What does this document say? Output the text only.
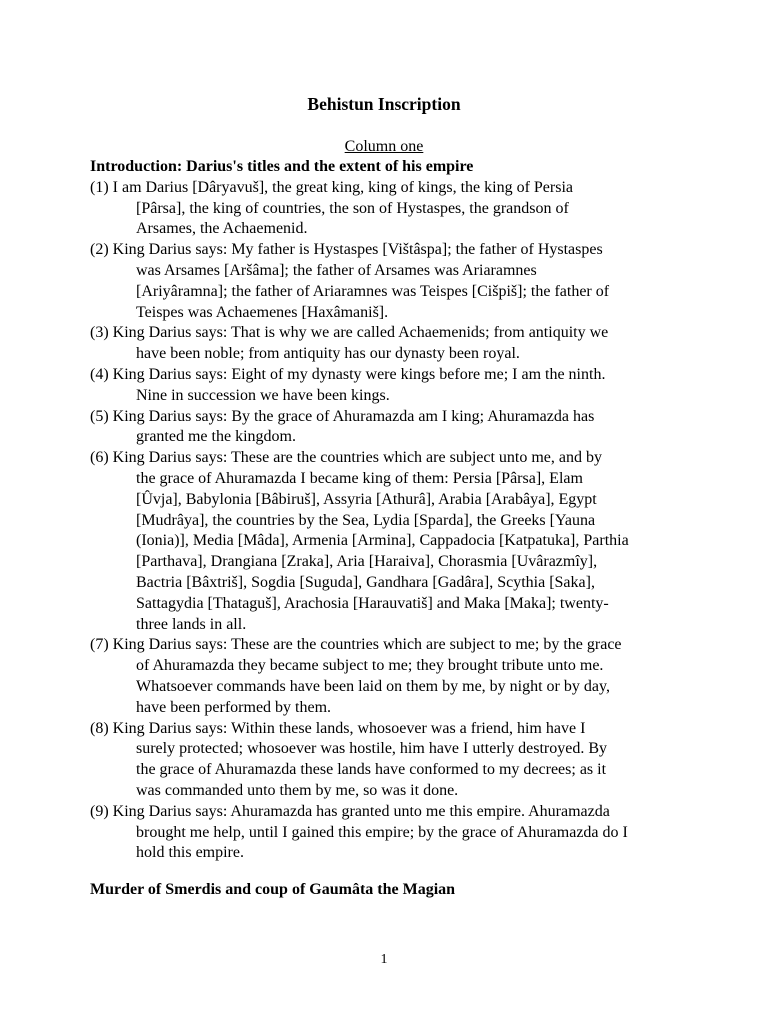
Behistun Inscription
Column one

Introduction: Darius's titles and the extent of his empire

(1) I am Darius [Dâryavuš], the great king, king of kings, the king of Persia
[Pârsa], the king of countries, the son of Hystaspes, the grandson of
Arsames, the Achaemenid.

(2) King Darius says: My father is Hystaspes [Vištâspa]; the father of Hystaspes
was Arsames [Aršâma]; the father of Arsames was Ariaramnes
[Ariyâramna]; the father of Ariaramnes was Teispes [Cišpiš]; the father of
Teispes was Achaemenes [Haxâmaniš].

(3) King Darius says: That is why we are called Achaemenids; from antiquity we
have been noble; from antiquity has our dynasty been royal.

(4) King Darius says: Eight of my dynasty were kings before me; I am the ninth.
Nine in succession we have been kings.

(5) King Darius says: By the grace of Ahuramazda am I king; Ahuramazda has
granted me the kingdom.

(6) King Darius says: These are the countries which are subject unto me, and by
the grace of Ahuramazda I became king of them: Persia [Pârsa], Elam
[Ûvja], Babylonia [Bâbiruš], Assyria [Athurâ], Arabia [Arabâya], Egypt
[Mudrâya], the countries by the Sea, Lydia [Sparda], the Greeks [Yauna
(Ionia)], Media [Mâda], Armenia [Armina], Cappadocia [Katpatuka], Parthia
[Parthava], Drangiana [Zraka], Aria [Haraiva], Chorasmia [Uvârazmîy],
Bactria [Bâxtriš], Sogdia [Suguda], Gandhara [Gadâra], Scythia [Saka],
Sattagydia [Thataguš], Arachosia [Harauvatiš] and Maka [Maka]; twenty-
three lands in all.

(7) King Darius says: These are the countries which are subject to me; by the grace
of Ahuramazda they became subject to me; they brought tribute unto me.
Whatsoever commands have been laid on them by me, by night or by day,
have been performed by them.

(8) King Darius says: Within these lands, whosoever was a friend, him have I
surely protected; whosoever was hostile, him have I utterly destroyed. By
the grace of Ahuramazda these lands have conformed to my decrees; as it
was commanded unto them by me, so was it done.

(9) King Darius says: Ahuramazda has granted unto me this empire. Ahuramazda
brought me help, until I gained this empire; by the grace of Ahuramazda do I
hold this empire.

Murder of Smerdis and coup of Gaumâta the Magian
1
